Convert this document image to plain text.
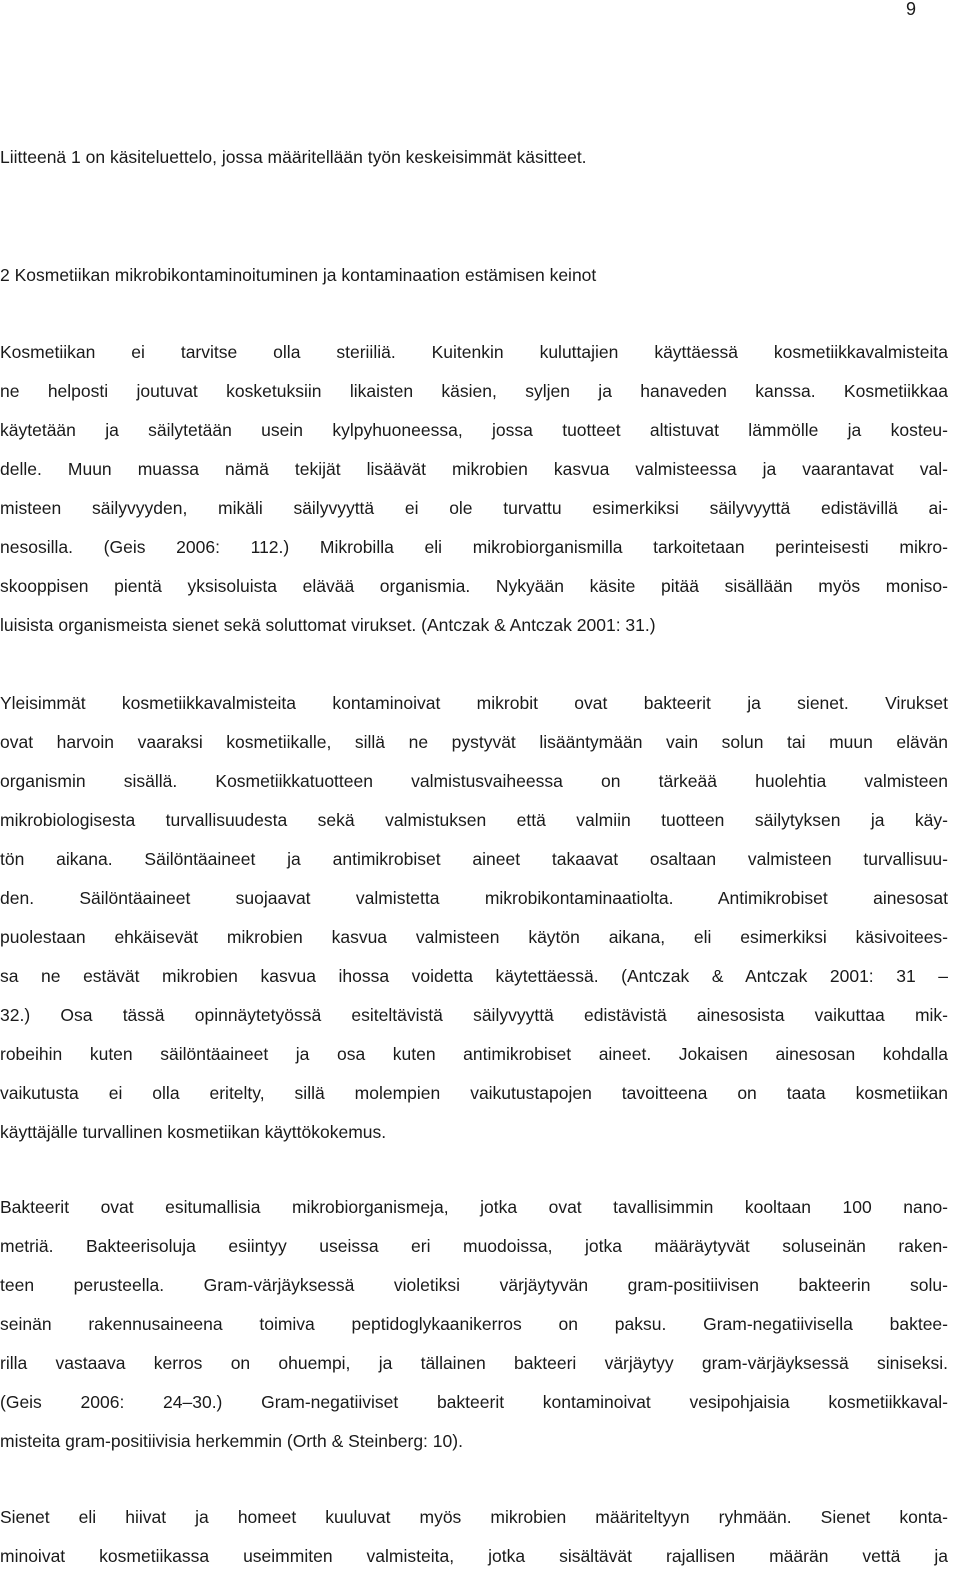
9
Liitteenä 1 on käsiteluettelo, jossa määritellään työn keskeisimmät käsitteet.
2 Kosmetiikan mikrobikontaminoituminen ja kontaminaation estämisen keinot
Kosmetiikan ei tarvitse olla steriiliä. Kuitenkin kuluttajien käyttäessä kosmetiikkavalmisteita
ne helposti joutuvat kosketuksiin likaisten käsien, syljen ja hanaveden kanssa. Kosmetiikkaa
käytetään ja säilytetään usein kylpyhuoneessa, jossa tuotteet altistuvat lämmölle ja kosteu-
delle. Muun muassa nämä tekijät lisäävät mikrobien kasvua valmisteessa ja vaarantavat val-
misteen säilyvyyden, mikäli säilyvyyttä ei ole turvattu esimerkiksi säilyvyyttä edistävillä ai-
nesosilla. (Geis 2006: 112.) Mikrobilla eli mikrobiorganismilla tarkoitetaan perinteisesti mikro-
skooppisen pientä yksisoluista elävää organismia. Nykyään käsite pitää sisällään myös moniso-
luisista organismeista sienet sekä soluttomat virukset. (Antczak & Antczak 2001: 31.)
Yleisimmät kosmetiikkavalmisteita kontaminoivat mikrobit ovat bakteerit ja sienet. Virukset
ovat harvoin vaaraksi kosmetiikalle, sillä ne pystyvät lisääntymään vain solun tai muun elävän
organismin sisällä. Kosmetiikkatuotteen valmistusvaiheessa on tärkeää huolehtia valmisteen
mikrobiologisesta turvallisuudesta sekä valmistuksen että valmiin tuotteen säilytyksen ja käy-
tön aikana. Säilöntäaineet ja antimikrobiset aineet takaavat osaltaan valmisteen turvallisuu-
den. Säilöntäaineet suojaavat valmistetta mikrobikontaminaatiolta. Antimikrobiset ainesosat
puolestaan ehkäisevät mikrobien kasvua valmisteen käytön aikana, eli esimerkiksi käsivoitees-
sa ne estävät mikrobien kasvua ihossa voidetta käytettäessä. (Antczak & Antczak 2001: 31 –
32.) Osa tässä opinnäytetyössä esiteltävistä säilyvyyttä edistävistä ainesosista vaikuttaa mik-
robeihin kuten säilöntäaineet ja osa kuten antimikrobiset aineet. Jokaisen ainesosan kohdalla
vaikutusta ei olla eritelty, sillä molempien vaikutustapojen tavoitteena on taata kosmetiikan
käyttäjälle turvallinen kosmetiikan käyttökokemus.
Bakteerit ovat esitumallisia mikrobiorganismeja, jotka ovat tavallisimmin kooltaan 100 nano-
metriä. Bakteerisoluja esiintyy useissa eri muodoissa, jotka määräytyvät soluseinän raken-
teen perusteella. Gram-värjäyksessä violetiksi värjäytyvän gram-positiivisen bakteerin solu-
seinän rakennusaineena toimiva peptidoglykaanikerros on paksu. Gram-negatiivisella baktee-
rilla vastaava kerros on ohuempi, ja tällainen bakteeri värjäytyy gram-värjäyksessä siniseksi.
(Geis 2006: 24–30.) Gram-negatiiviset bakteerit kontaminoivat vesipohjaisia kosmetiikkaval-
misteita gram-positiivisia herkemmin (Orth & Steinberg: 10).
Sienet eli hiivat ja homeet kuuluvat myös mikrobien määriteltyyn ryhmään. Sienet konta-
minoivat kosmetiikassa useimmiten valmisteita, jotka sisältävät rajallisen määrän vettä ja
